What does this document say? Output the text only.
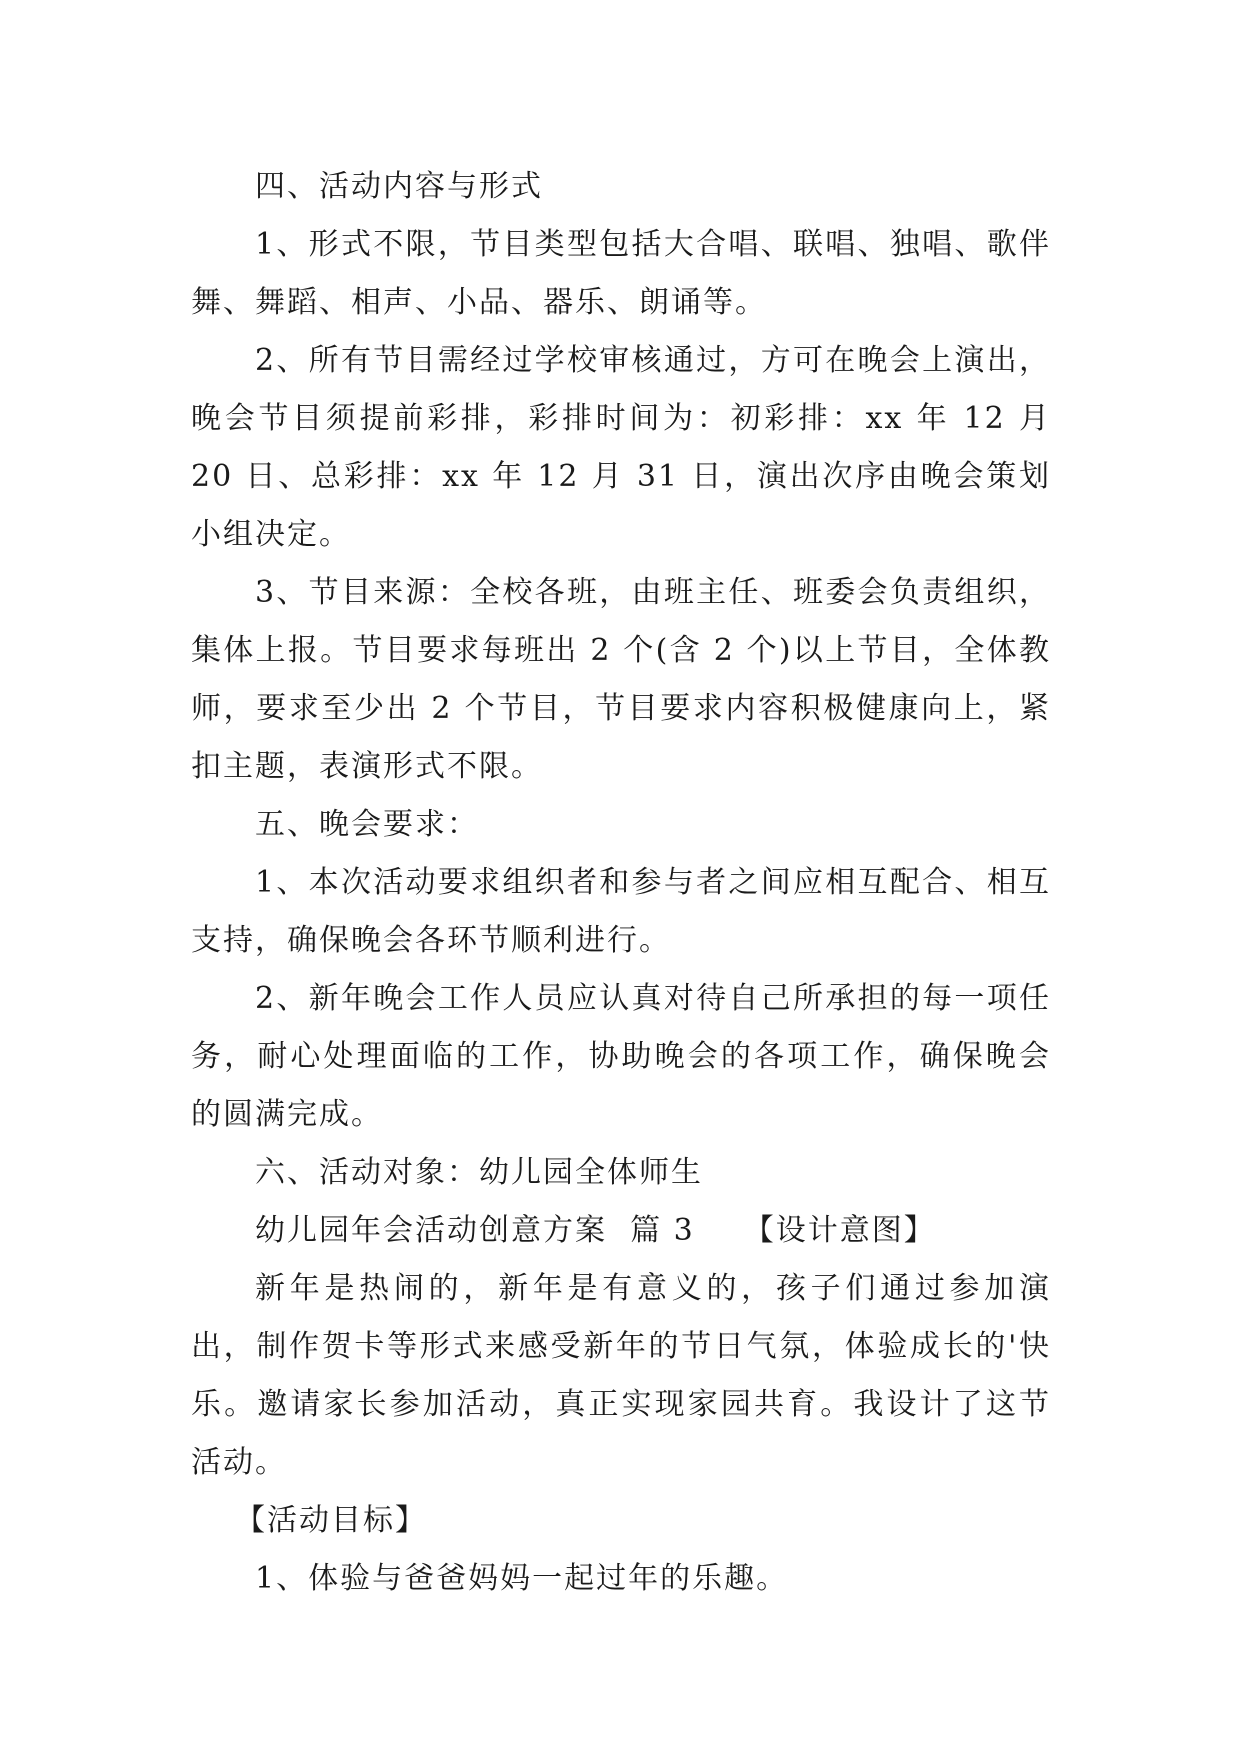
四、活动内容与形式

1、形式不限，节目类型包括大合唱、联唱、独唱、歌伴舞、舞蹈、相声、小品、器乐、朗诵等。

2、所有节目需经过学校审核通过，方可在晚会上演出，晚会节目须提前彩排，彩排时间为：初彩排：xx 年 12 月 20 日、总彩排：xx 年 12 月 31 日，演出次序由晚会策划小组决定。

3、节目来源：全校各班，由班主任、班委会负责组织，集体上报。节目要求每班出 2 个(含 2 个)以上节目，全体教师，要求至少出 2 个节目，节目要求内容积极健康向上，紧扣主题，表演形式不限。

五、晚会要求：

1、本次活动要求组织者和参与者之间应相互配合、相互支持，确保晚会各环节顺利进行。

2、新年晚会工作人员应认真对待自己所承担的每一项任务，耐心处理面临的工作，协助晚会的各项工作，确保晚会的圆满完成。

六、活动对象：幼儿园全体师生

幼儿园年会活动创意方案  篇 3　　【设计意图】

新年是热闹的，新年是有意义的，孩子们通过参加演出，制作贺卡等形式来感受新年的节日气氛，体验成长的'快乐。邀请家长参加活动，真正实现家园共育。我设计了这节活动。

【活动目标】

1、体验与爸爸妈妈一起过年的乐趣。
